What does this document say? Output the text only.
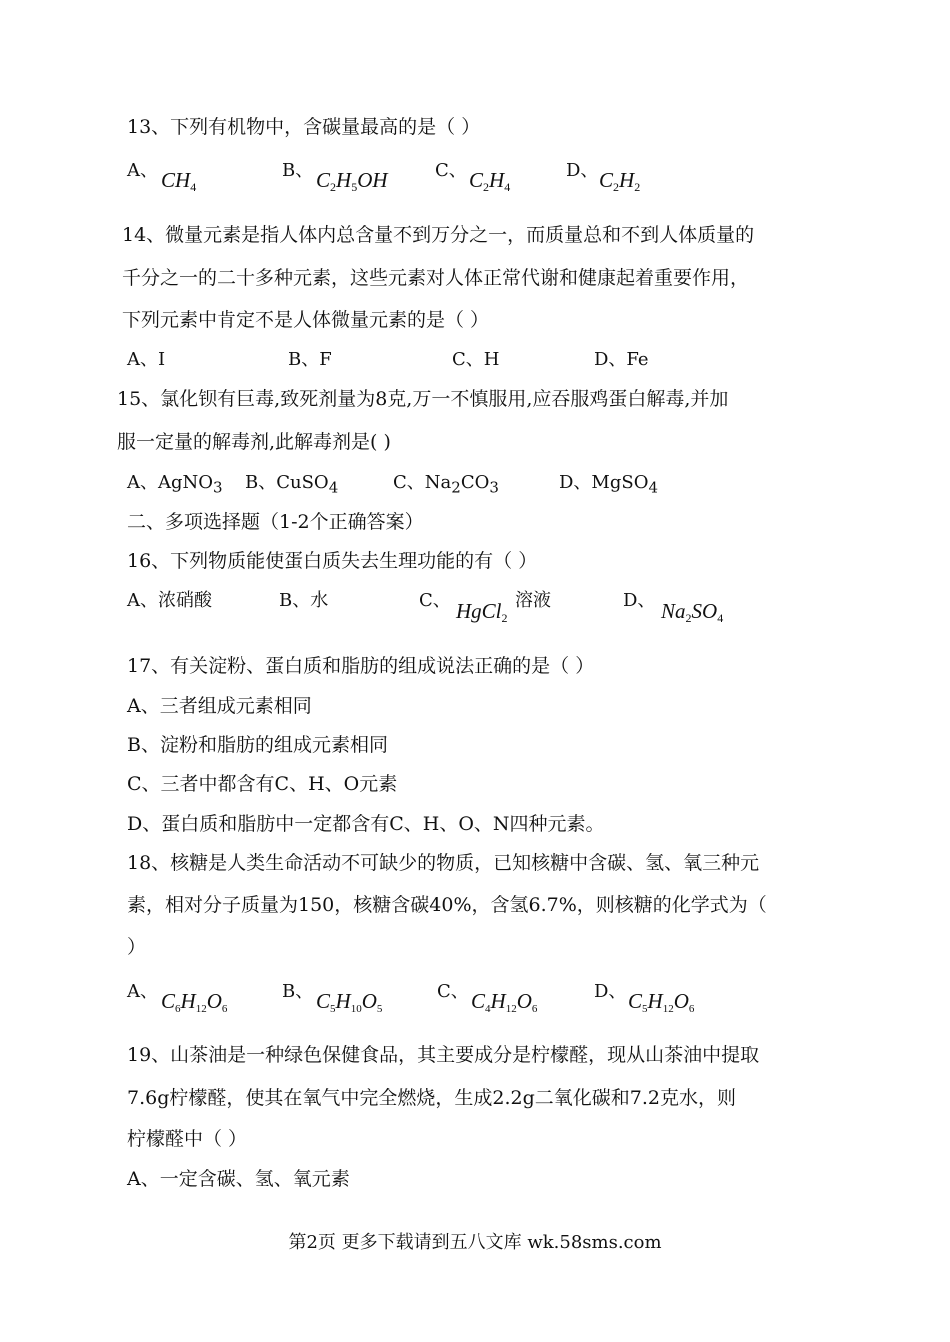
13、下列有机物中，含碳量最高的是（ ）
A、 $CH_4$
B、 $C_2H_5OH$	C、 $C_2H_4$
D、 $C_2H_2$
14、微量元素是指人体内总含量不到万分之一，而质量总和不到人体质量的
千分之一的二十多种元素，这些元素对人体正常代谢和健康起着重要作用，
下列元素中肯定不是人体微量元素的是（ ）
A、I	B、F	C、H	D、Fe
15、氯化钡有巨毒,致死剂量为8克,万一不慎服用,应吞服鸡蛋白解毒,并加
服一定量的解毒剂,此解毒剂是( )
A、AgNO$_3$ B、CuSO$_4$	C、$Na_2CO_3$	D、MgSO$_4$
二、多项选择题（1-2个正确答案）
16、下列物质能使蛋白质失去生理功能的有（ ）
A、浓硝酸	B、水	C、 HgCl$_2$
溶液	D、 $Na_2SO_4$
17、有关淀粉、蛋白质和脂肪的组成说法正确的是（ ）
A、三者组成元素相同
B、淀粉和脂肪的组成元素相同
C、三者中都含有C、H、O元素
D、蛋白质和脂肪中一定都含有C、H、O、N四种元素。
18、核糖是人类生命活动不可缺少的物质，已知核糖中含碳、氢、氧三种元
素，相对分子质量为150，核糖含碳40%，含氢6.7%，则核糖的化学式为（
）
A、 $C_6H_{12}O_6$
B、 $C_5H_{10}O_5$
C、 $C_4H_{12}O_6$
D、 $C_5H_{12}O_6$
19、山茶油是一种绿色保健食品，其主要成分是柠檬醛，现从山茶油中提取
7.6g柠檬醛，使其在氧气中完全燃烧，生成2.2g二氧化碳和7.2克水，则
柠檬醛中（ ）
A、一定含碳、氢、氧元素
第2页 更多下载请到五八文库 wk.58sms.com
